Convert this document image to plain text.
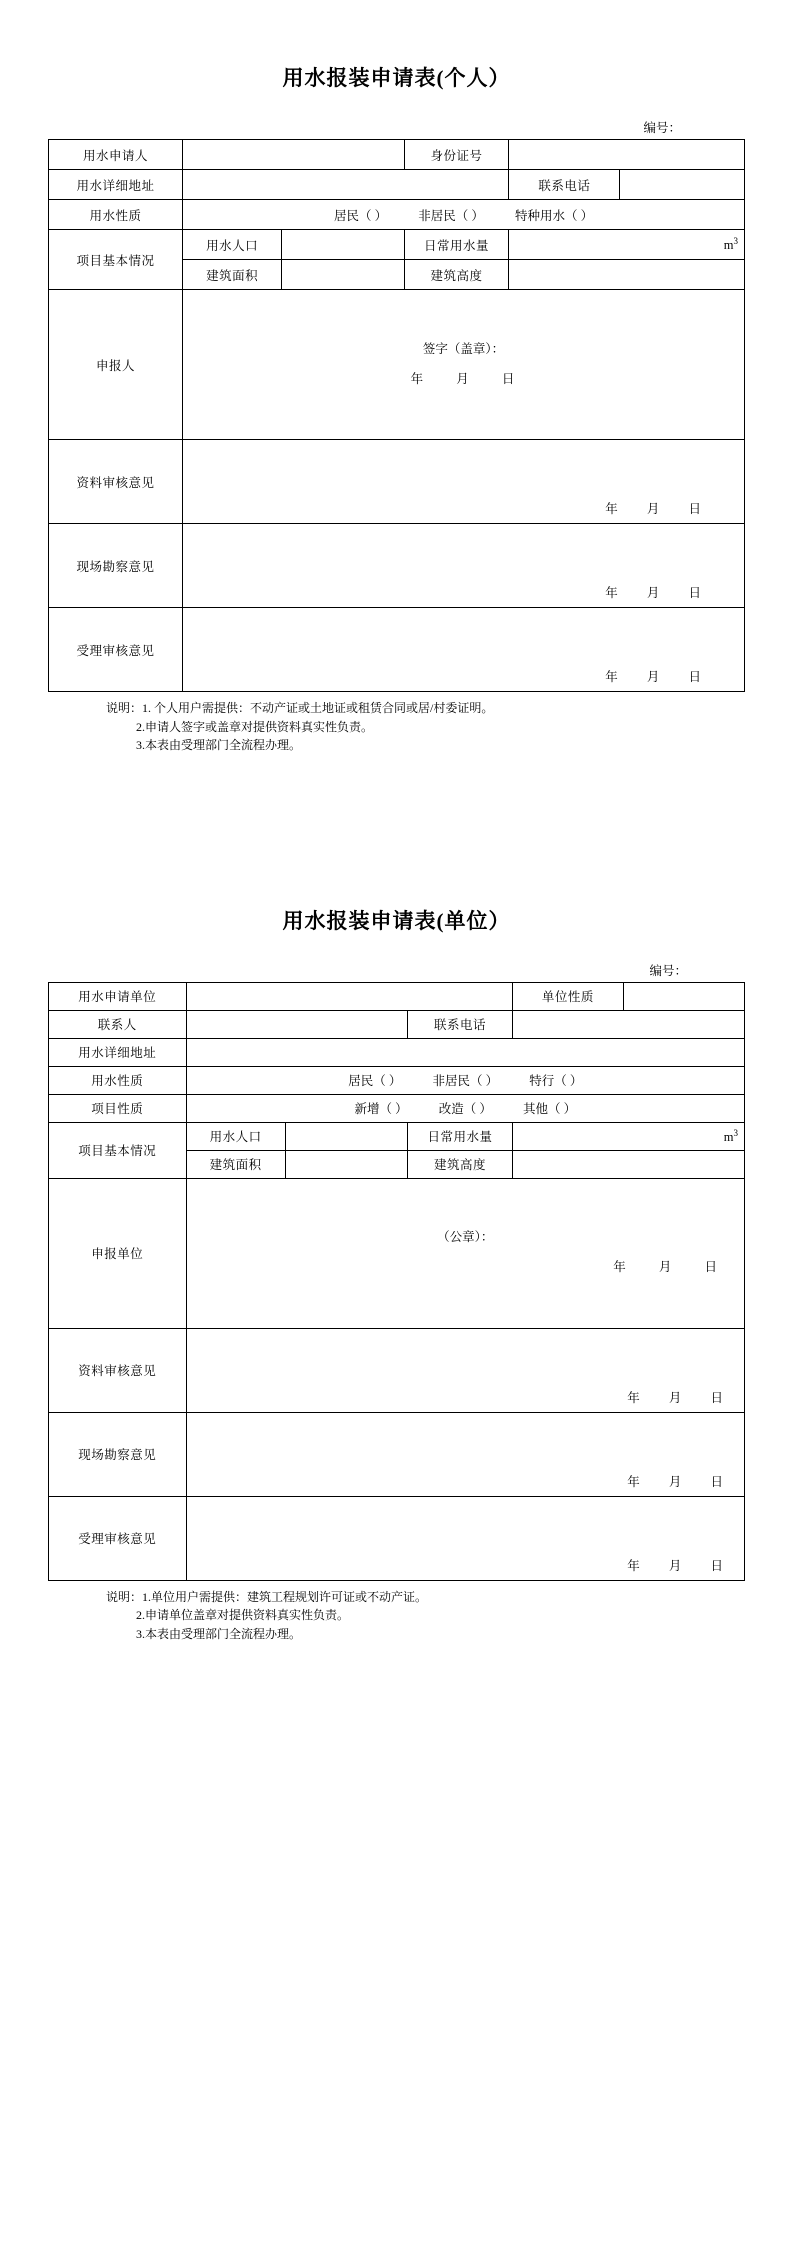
用水报装申请表(个人）
编号：
用水申请人			身份证号		
用水详细地址				联系电话	
用水性质	居民（ ） 非居民（ ） 特种用水（ ）				
项目基本情况	用水人口		日常用水量	$m^3$
	建筑面积		建筑高度		
申报人	签字（盖章）：
年 月 日				

资料审核意见	年 月 日				
现场勘察意见	年 月 日				
受理审核意见	年 月 日				
说明：1. 个人用户需提供：不动产证或土地证或租赁合同或居/村委证明。
2.申请人签字或盖章对提供资料真实性负责。
3.本表由受理部门全流程办理。
用水报装申请表(单位）
编号：
用水申请单位				单位性质	
联系人			联系电话		
用水详细地址					
用水性质	居民（ ） 非居民（ ） 特行（ ）				
项目性质	新增（ ） 改造（ ） 其他（ ）				
项目基本情况	用水人口		日常用水量	$m^3$
	建筑面积		建筑高度		
申报单位	（公章）：
年 月 日				

资料审核意见	年 月 日				
现场勘察意见	年 月 日				
受理审核意见	年 月 日				
说明：1.单位用户需提供：建筑工程规划许可证或不动产证。
2.申请单位盖章对提供资料真实性负责。
3.本表由受理部门全流程办理。
